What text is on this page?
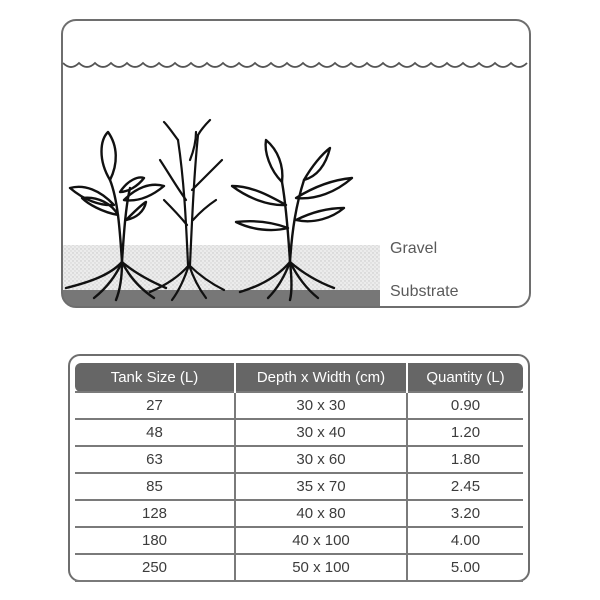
Gravel
Substrate
Tank Size (L)	Depth x Width (cm)	Quantity (L)
27	30 x 30	0.90
48	30 x 40	1.20
63	30 x 60	1.80
85	35 x 70	2.45
128	40 x 80	3.20
180	40 x 100	4.00
250	50 x 100	5.00
